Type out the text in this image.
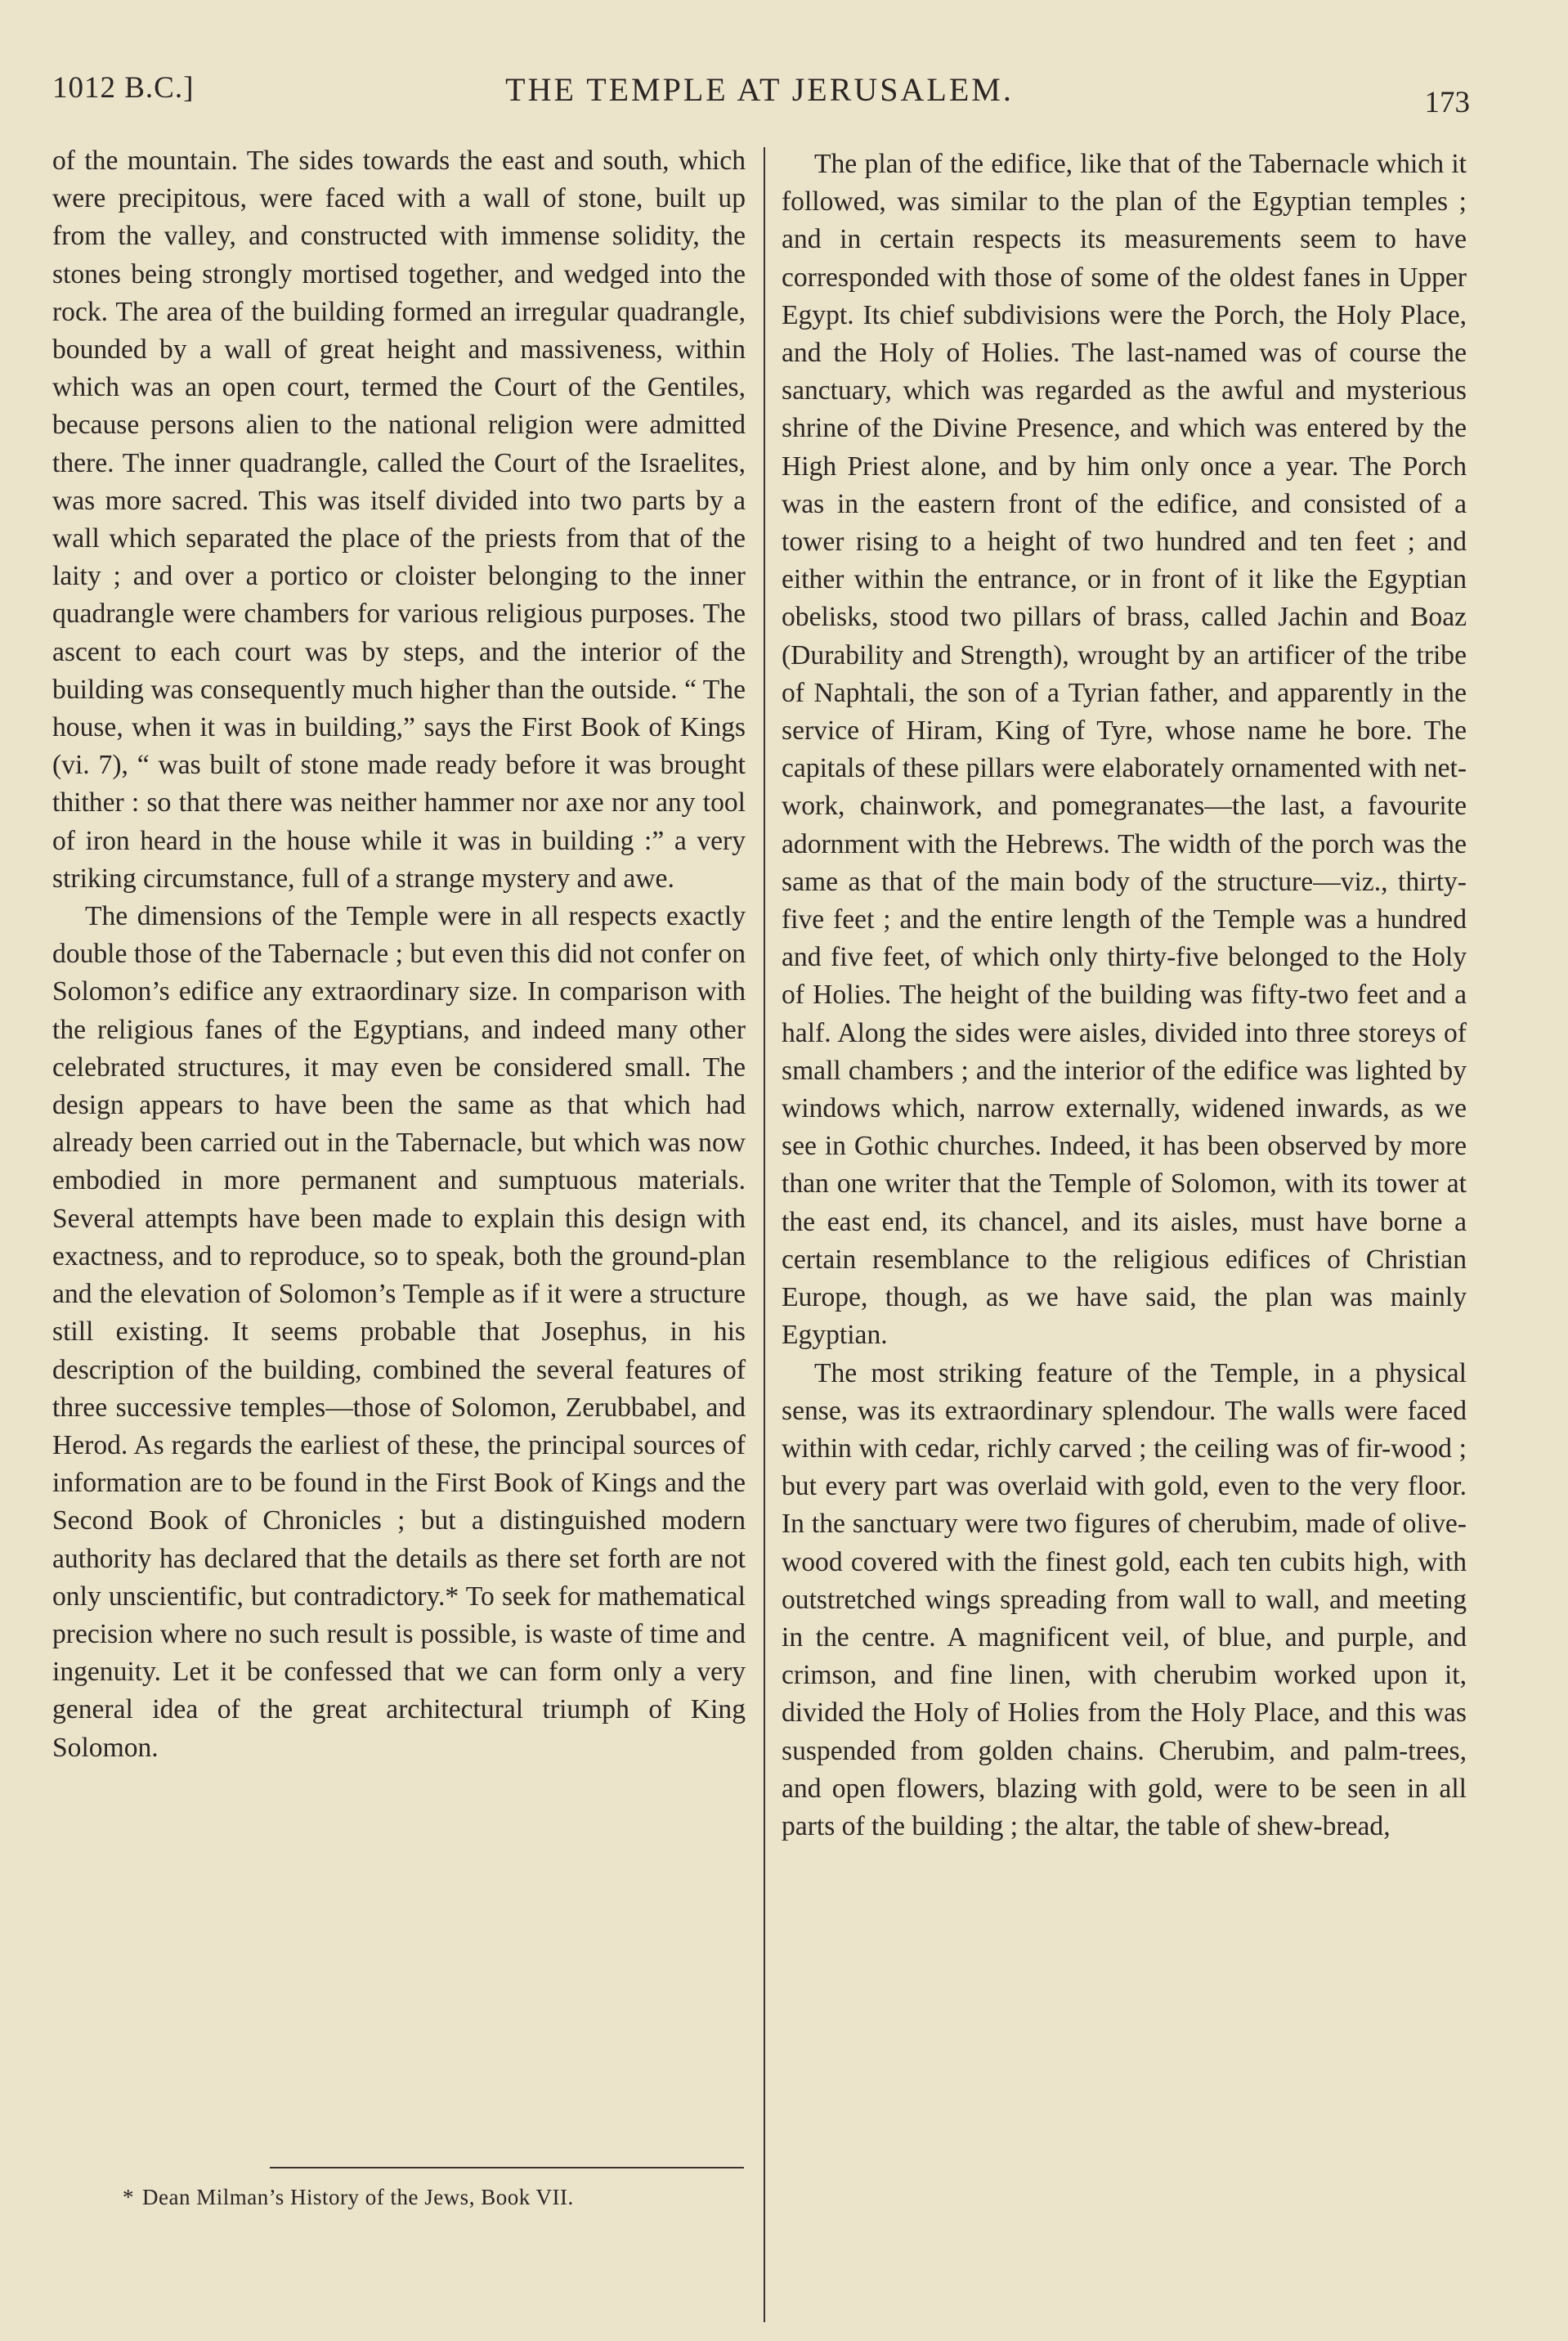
1012 B.C.]	THE TEMPLE AT JERUSALEM.	173

of the mountain. The sides towards the east and south, which were precipitous, were faced with a wall of stone, built up from the valley, and constructed with immense solidity, the stones being strongly mortised together, and wedged into the rock. The area of the building formed an irregular quadrangle, bounded by a wall of great height and massiveness, within which was an open court, termed the Court of the Gentiles, because persons alien to the national religion were admitted there. The inner quadrangle, called the Court of the Israelites, was more sacred. This was itself divided into two parts by a wall which separated the place of the priests from that of the laity ; and over a portico or cloister belonging to the inner quadrangle were chambers for various religious purposes. The ascent to each court was by steps, and the interior of the building was consequently much higher than the outside. “ The house, when it was in building,” says the First Book of Kings (vi. 7), “ was built of stone made ready before it was brought thither : so that there was neither hammer nor axe nor any tool of iron heard in the house while it was in building :” a very striking circumstance, full of a strange mystery and awe.

The dimensions of the Temple were in all respects exactly double those of the Tabernacle ; but even this did not confer on Solomon’s edifice any extraordinary size. In comparison with the religious fanes of the Egyptians, and indeed many other celebrated structures, it may even be considered small. The design appears to have been the same as that which had already been carried out in the Tabernacle, but which was now embodied in more permanent and sumptuous materials. Several attempts have been made to explain this design with exactness, and to reproduce, so to speak, both the ground-plan and the elevation of Solomon’s Temple as if it were a structure still existing. It seems probable that Josephus, in his description of the building, combined the several features of three successive temples—those of Solomon, Zerubbabel, and Herod. As regards the earliest of these, the principal sources of information are to be found in the First Book of Kings and the Second Book of Chronicles ; but a distinguished modern authority has declared that the details as there set forth are not only unscientific, but contradictory.* To seek for mathematical precision where no such result is possible, is waste of time and ingenuity. Let it be confessed that we can form only a very general idea of the great architectural triumph of King Solomon.

The plan of the edifice, like that of the Tabernacle which it followed, was similar to the plan of the Egyptian temples ; and in certain respects its measurements seem to have corresponded with those of some of the oldest fanes in Upper Egypt. Its chief subdivisions were the Porch, the Holy Place, and the Holy of Holies. The last-named was of course the sanctuary, which was regarded as the awful and mysterious shrine of the Divine Presence, and which was entered by the High Priest alone, and by him only once a year. The Porch was in the eastern front of the edifice, and consisted of a tower rising to a height of two hundred and ten feet ; and either within the entrance, or in front of it like the Egyptian obelisks, stood two pillars of brass, called Jachin and Boaz (Durability and Strength), wrought by an artificer of the tribe of Naphtali, the son of a Tyrian father, and apparently in the service of Hiram, King of Tyre, whose name he bore. The capitals of these pillars were elaborately ornamented with net-work, chainwork, and pomegranates—the last, a favourite adornment with the Hebrews. The width of the porch was the same as that of the main body of the structure—viz., thirty-five feet ; and the entire length of the Temple was a hundred and five feet, of which only thirty-five belonged to the Holy of Holies. The height of the building was fifty-two feet and a half. Along the sides were aisles, divided into three storeys of small chambers ; and the interior of the edifice was lighted by windows which, narrow externally, widened inwards, as we see in Gothic churches. Indeed, it has been observed by more than one writer that the Temple of Solomon, with its tower at the east end, its chancel, and its aisles, must have borne a certain resemblance to the religious edifices of Christian Europe, though, as we have said, the plan was mainly Egyptian.

The most striking feature of the Temple, in a physical sense, was its extraordinary splendour. The walls were faced within with cedar, richly carved ; the ceiling was of fir-wood ; but every part was overlaid with gold, even to the very floor. In the sanctuary were two figures of cherubim, made of olive-wood covered with the finest gold, each ten cubits high, with outstretched wings spreading from wall to wall, and meeting in the centre. A magnificent veil, of blue, and purple, and crimson, and fine linen, with cherubim worked upon it, divided the Holy of Holies from the Holy Place, and this was suspended from golden chains. Cherubim, and palm-trees, and open flowers, blazing with gold, were to be seen in all parts of the building ; the altar, the table of shew-bread,

* Dean Milman’s History of the Jews, Book VII.
